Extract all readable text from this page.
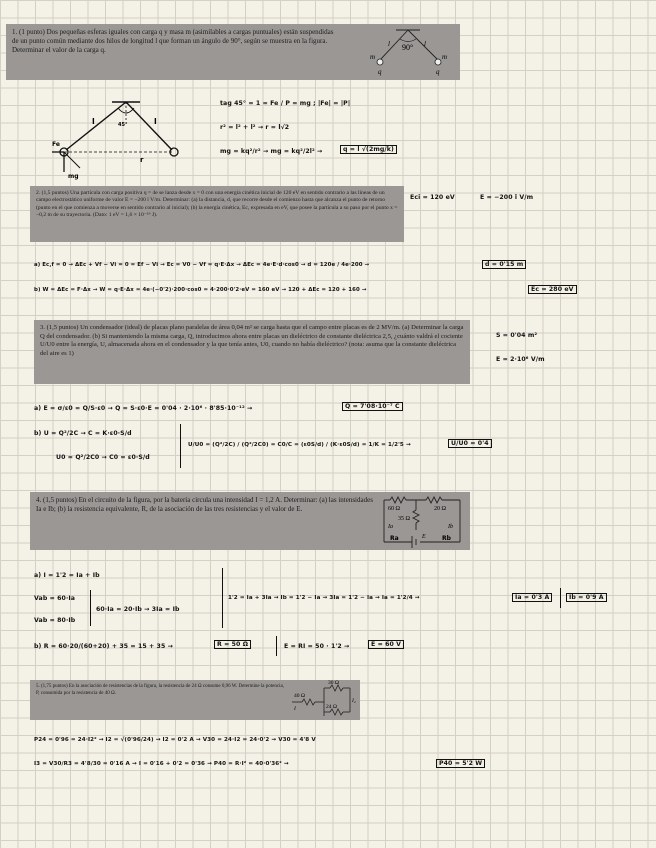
1. (1 punto) Dos pequeñas esferas iguales con carga q y masa m (asimilables a cargas puntuales) están suspendidas de un punto común mediante dos hilos de longitud l que forman un ángulo de 90°, según se muestra en la figura. Determinar el valor de la carga q.	90°
l	l
m	m
q	q
l	l
Fe
mg
r
45°
tag 45° = 1 = Fe / P = mg ; |Fe| = |P|
r² = l² + l² → r = l√2
mg = kq²/r² → mg = kq²/2l² →	q = l √(2mg/k)
2. (1,5 puntos) Una partícula con carga positiva q = 4e se lanza desde x = 0 con una energía cinética inicial de 120 eV en sentido contrario a las líneas de un campo electrostático uniforme de valor E = −200 î V/m. Determinar: (a) la distancia, d, que recorre desde el comienzo hasta que alcanza el punto de retorno (punto en el que comienza a moverse en sentido contrario al inicial); (b) la energía cinética, Ec, expresada en eV, que posee la partícula a su paso por el punto x = −0,2 m de su trayectoria. (Dato: 1 eV = 1,6 × 10⁻¹⁹ J).
Eci = 120 eV	E = −200 î V/m
a) Ec,f = 0 → ΔEc + Vf − Vi = 0 = Ef − Vi → Ec = V0 − Vf = q·E·Δx → ΔEc = 4e·E·d·cos0 → d = 120e / 4e·200 →	d = 0'15 m
b) W = ΔEc = F·Δx → W = q·E·Δx = 4e·(−0'2)·200·cos0 = 4·200·0'2·eV = 160 eV → 120 + ΔEc = 120 + 160 →	Ec = 280 eV
3. (1,5 puntos) Un condensador (ideal) de placas plano paralelas de área 0,04 m² se carga hasta que el campo entre placas es de 2 MV/m. (a) Determinar la carga Q del condensador. (b) Si manteniendo la misma carga, Q, introducimos ahora entre placas un dieléctrico de constante dieléctrica 2,5, ¿cuánto valdrá el cociente U/U0 entre la energía, U, almacenada ahora en el condensador y la que tenía antes, U0, cuando no había dieléctrico? (nota: asuma que la constante dieléctrica del aire es 1)
S = 0'04 m²
E = 2·10⁶ V/m
a) E = σ/ε0 = Q/S·ε0 → Q = S·ε0·E = 0'04 · 2·10⁶ · 8'85·10⁻¹² →	Q = 7'08·10⁻⁷ C
b) U = Q²/2C → C = K·ε0·S/d
U0 = Q²/2C0 → C0 = ε0·S/d
U/U0 = (Q²/2C) / (Q²/2C0) = C0/C = (ε0S/d) / (K·ε0S/d) = 1/K = 1/2'5 →	U/U0 = 0'4
4. (1,5 puntos) En el circuito de la figura, por la batería circula una intensidad I = 1,2 A. Determinar: (a) las intensidades Ia e Ib; (b) la resistencia equivalente, R, de la asociación de las tres resistencias y el valor de E.	60 Ω	20 Ω
35 Ω
Ia	Ib
Ra	Rb
E
a) I = 1'2 = Ia + Ib
Vab = 60·Ia
Vab = 80·Ib
60·Ia = 20·Ib → 3Ia = Ib
1'2 = Ia + 3Ia → Ib = 1'2 − Ia → 3Ia = 1'2 − Ia → Ia = 1'2/4 →	Ia = 0'3 A	Ib = 0'9 A
b) R = 60·20/(60+20) + 35 = 15 + 35 →	R = 50 Ω	E = RI = 50 · 1'2 →	E = 60 V
5. (1,75 puntos) En la asociación de resistencias de la figura, la resistencia de 24 Ω consume 0,96 W. Determine la potencia, P, consumida por la resistencia de 40 Ω.	40 Ω
30 Ω
24 Ω
I
I₂
P24 = 0'96 = 24·I2² → I2 = √(0'96/24) → I2 = 0'2 A → V30 = 24·I2 = 24·0'2 → V30 = 4'8 V
I3 = V30/R3 = 4'8/30 = 0'16 A → I = 0'16 + 0'2 = 0'36 → P40 = R·I² = 40·0'36² →	P40 = 5'2 W
